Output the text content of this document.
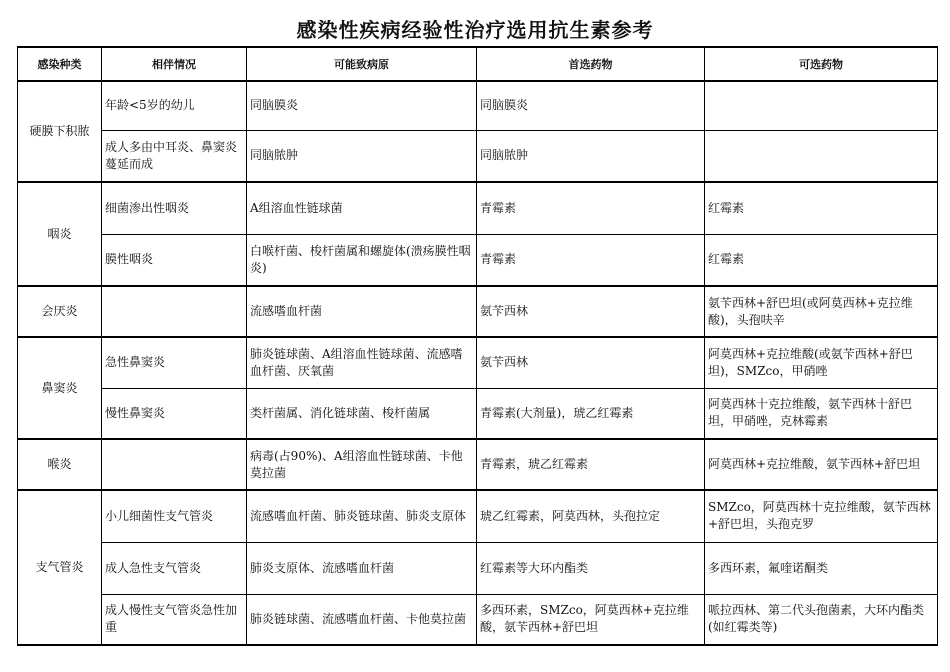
感染性疾病经验性治疗选用抗生素参考
感染种类	相伴情况	可能致病原	首选药物	可选药物
硬膜下积脓	年龄<5岁的幼儿	同脑膜炎	同脑膜炎	
	成人多由中耳炎、鼻窦炎蔓延而成	同脑脓肿	同脑脓肿	
咽炎	细菌渗出性咽炎	A组溶血性链球菌	青霉素	红霉素
	膜性咽炎	白喉杆菌、梭杆菌属和螺旋体(溃疡膜性咽炎)	青霉素	红霉素
会厌炎		流感嗜血杆菌	氨苄西林	氨苄西林+舒巴坦(或阿莫西林+克拉维酸)，头孢呋辛
鼻窦炎	急性鼻窦炎	肺炎链球菌、A组溶血性链球菌、流感嗜血杆菌、厌氧菌	氨苄西林	阿莫西林+克拉维酸(或氨苄西林+舒巴坦)，SMZco，甲硝唑
	慢性鼻窦炎	类杆菌属、消化链球菌、梭杆菌属	青霉素(大剂量)，琥乙红霉素	阿莫西林十克拉维酸，氨苄西林十舒巴坦，甲硝唑，克林霉素
喉炎		病毒(占90%)、A组溶血性链球菌、卡他莫拉菌	青霉素，琥乙红霉素	阿莫西林+克拉维酸，氨苄西林+舒巴坦
支气管炎	小儿细菌性支气管炎	流感嗜血杆菌、肺炎链球菌、肺炎支原体	琥乙红霉素，阿莫西林，头孢拉定	SMZco，阿莫西林十克拉维酸，氨苄西林+舒巴坦，头孢克罗
	成人急性支气管炎	肺炎支原体、流感嗜血杆菌	红霉素等大环内酯类	多西环素，氟喹诺酮类
	成人慢性支气管炎急性加重	肺炎链球菌、流感嗜血杆菌、卡他莫拉菌	多西环素，SMZco，阿莫西林+克拉维酸，氨苄西林+舒巴坦	哌拉西林、第二代头孢菌素，大环内酯类(如红霉类等)
